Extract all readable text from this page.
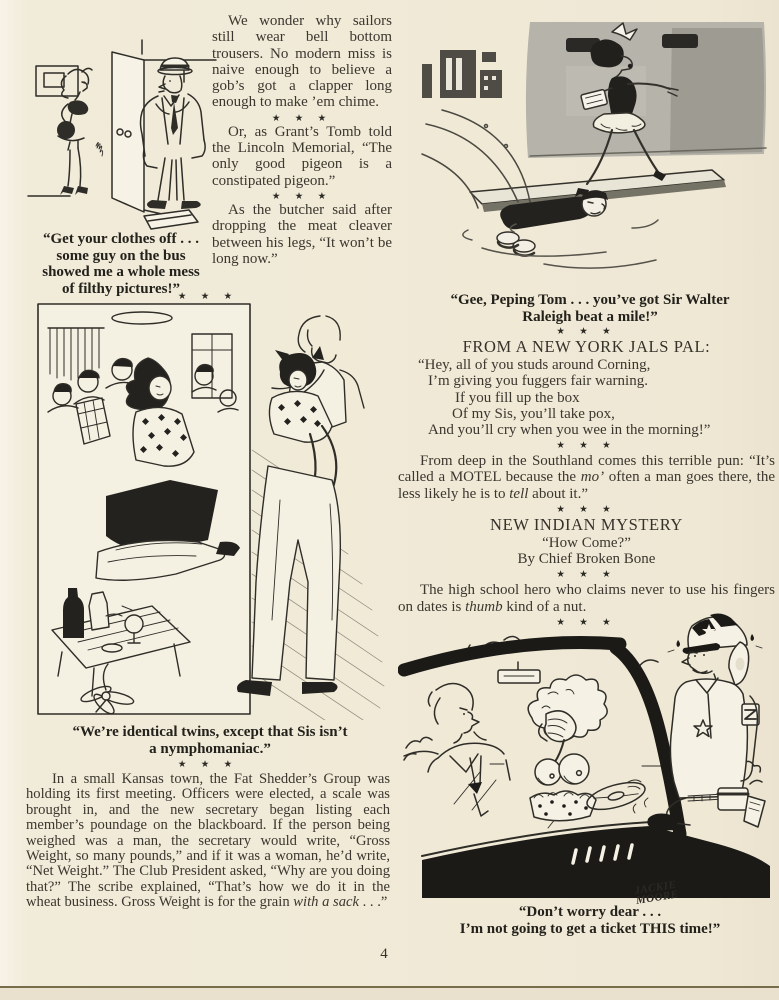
“Get your clothes off . . .
some guy on the bus
showed me a whole mess
of filthy pictures!”
★ ★ ★

We wonder why sailors still wear bell bottom trousers. No modern miss is naive enough to believe a gob’s got a clapper long enough to make ’em chime.

★ ★ ★

Or, as Grant’s Tomb told the Lincoln Memorial, “The only good pigeon is a constipated pigeon.”

★ ★ ★

As the butcher said after dropping the meat cleaver between his legs, “It won’t be long now.”

“We’re identical twins, except that Sis isn’t
a nymphomaniac.”
★ ★ ★
In a small Kansas town, the Fat Shedder’s Group was holding its first meeting. Officers were elected, a scale was brought in, and the new secretary began listing each member’s poundage on the blackboard. If the person being weighed was a man, the secretary would write, “Gross Weight, so many pounds,” and if it was a woman, he’d write, “Net Weight.” The Club President asked, “Why are you doing that?” The scribe explained, “That’s how we do it in the wheat business. Gross Weight is for the grain with a sack . . .”
“Gee, Peping Tom . . . you’ve got Sir Walter
Raleigh beat a mile!”
★ ★ ★
FROM A NEW YORK JALS PAL:
“Hey, all of you studs around Corning,
I’m giving you fuggers fair warning.
If you fill up the box
Of my Sis, you’ll take pox,
And you’ll cry when you wee in the morning!”
★ ★ ★
From deep in the Southland comes this terrible pun: “It’s called a MOTEL because the mo’ often a man goes there, the less likely he is to tell about it.”
★ ★ ★
NEW INDIAN MYSTERY
“How Come?”
By Chief Broken Bone
★ ★ ★
The high school hero who claims never to use his fingers on dates is thumb kind of a nut.
★ ★ ★
JACKIE MOORE
“Don’t worry dear . . .
I’m not going to get a ticket THIS time!”
4
